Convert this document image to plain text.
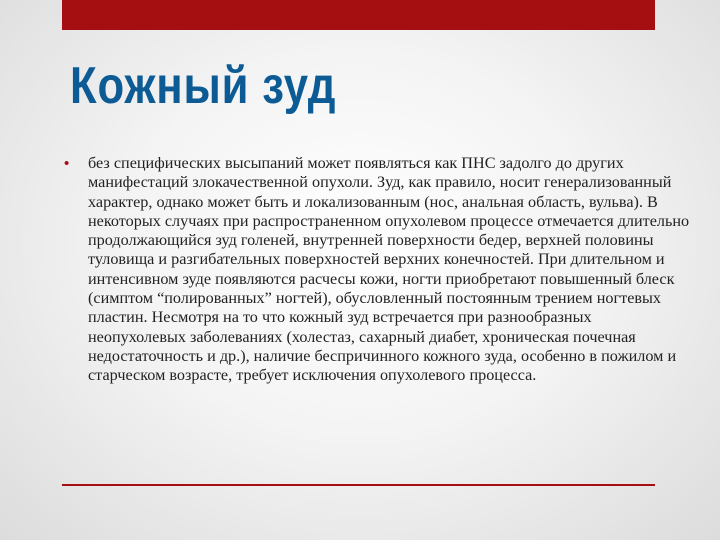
Кожный зуд
• без специфических высыпаний может появляться как ПНС задолго до других манифестаций злокачественной опухоли. Зуд, как правило, носит генерализованный характер, однако может быть и локализованным (нос, анальная область, вульва). В некоторых случаях при распространенном опухолевом процессе отмечается длительно продолжающийся зуд голеней, внутренней поверхности бедер, верхней половины туловища и разгибательных поверхностей верхних конечностей. При длительном и интенсивном зуде появляются расчесы кожи, ногти приобретают повышенный блеск (симптом “полированных” ногтей), обусловленный постоянным трением ногтевых пластин. Несмотря на то что кожный зуд встречается при разнообразных неопухолевых заболеваниях (холестаз, сахарный диабет, хроническая почечная недостаточность и др.), наличие беспричинного кожного зуда, особенно в пожилом и старческом возрасте, требует исключения опухолевого процесса.
